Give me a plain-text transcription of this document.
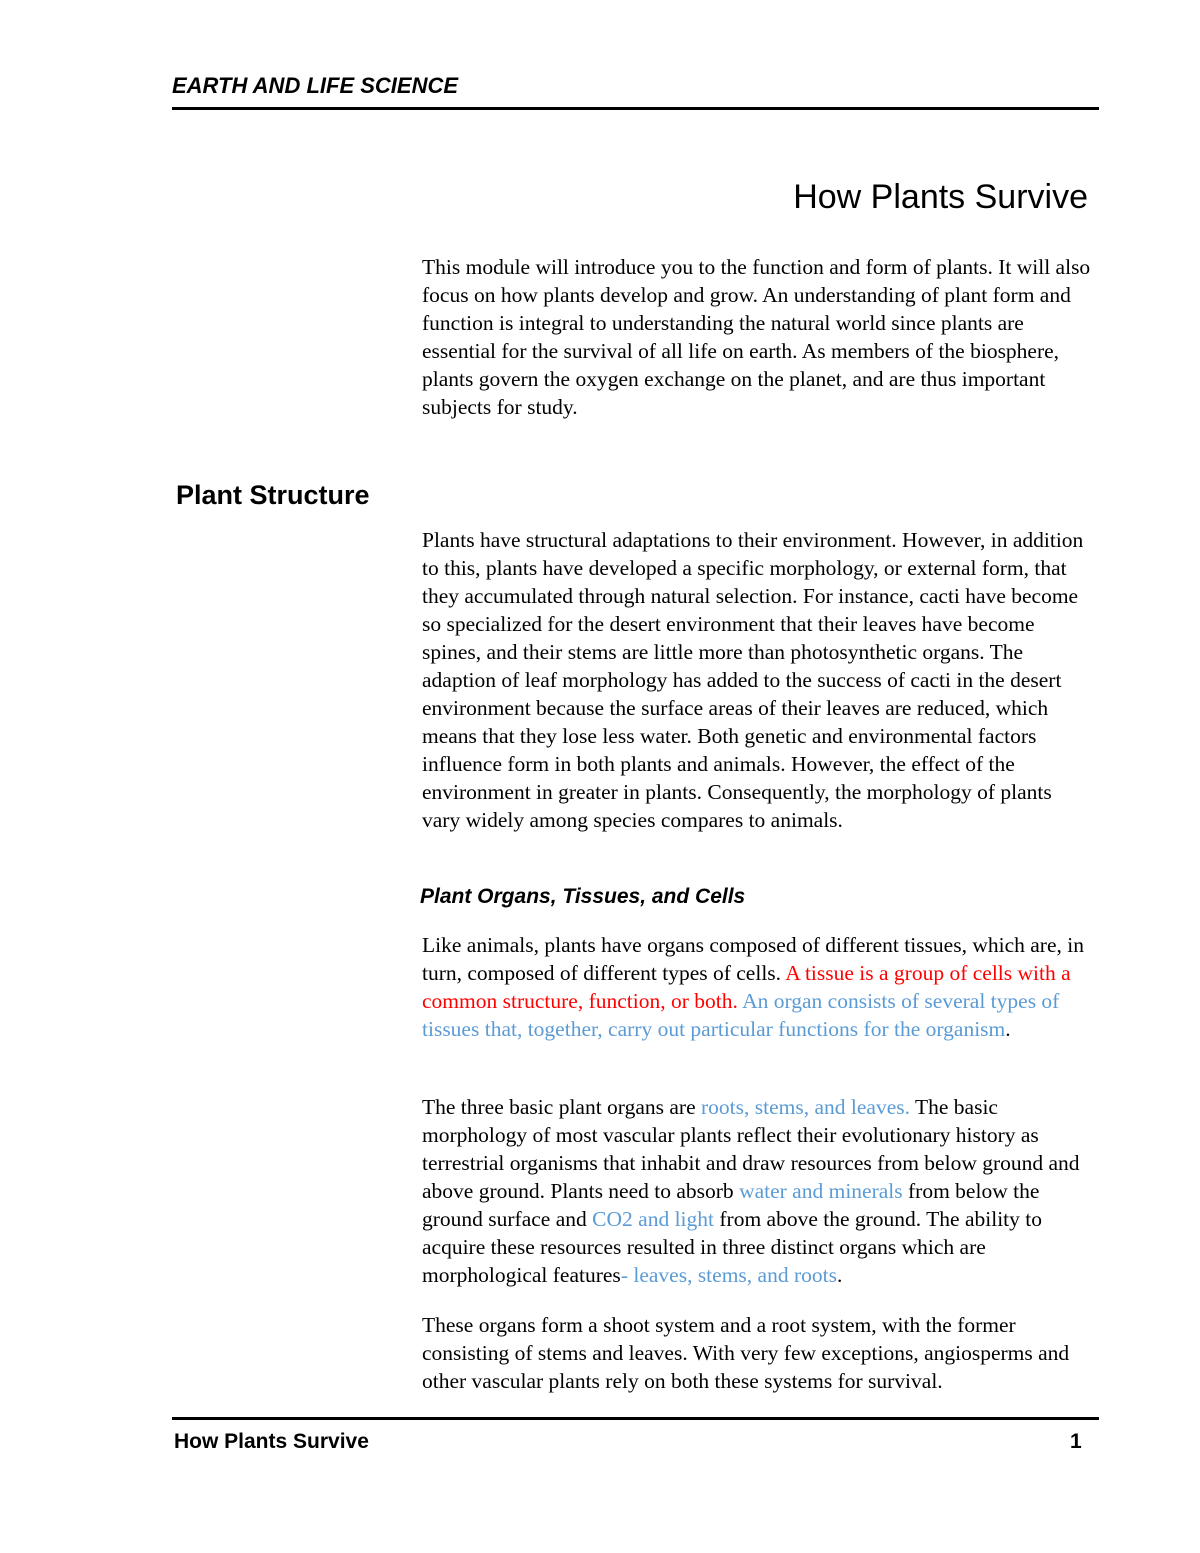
EARTH AND LIFE SCIENCE
How Plants Survive

This module will introduce you to the function and form of plants. It will also focus on how plants develop and grow. An understanding of plant form and function is integral to understanding the natural world since plants are essential for the survival of all life on earth. As members of the biosphere, plants govern the oxygen exchange on the planet, and are thus important subjects for study.

Plant Structure

Plants have structural adaptations to their environment. However, in addition to this, plants have developed a specific morphology, or external form, that they accumulated through natural selection. For instance, cacti have become so specialized for the desert environment that their leaves have become spines, and their stems are little more than photosynthetic organs. The adaption of leaf morphology has added to the success of cacti in the desert environment because the surface areas of their leaves are reduced, which means that they lose less water. Both genetic and environmental factors influence form in both plants and animals. However, the effect of the environment in greater in plants. Consequently, the morphology of plants vary widely among species compares to animals.

Plant Organs, Tissues, and Cells

Like animals, plants have organs composed of different tissues, which are, in turn, composed of different types of cells. A tissue is a group of cells with a common structure, function, or both. An organ consists of several types of tissues that, together, carry out particular functions for the organism.

The three basic plant organs are roots, stems, and leaves. The basic morphology of most vascular plants reflect their evolutionary history as terrestrial organisms that inhabit and draw resources from below ground and above ground. Plants need to absorb water and minerals from below the ground surface and CO2 and light from above the ground. The ability to acquire these resources resulted in three distinct organs which are morphological features- leaves, stems, and roots.

These organs form a shoot system and a root system, with the former consisting of stems and leaves. With very few exceptions, angiosperms and other vascular plants rely on both these systems for survival.

How Plants Survive	1
